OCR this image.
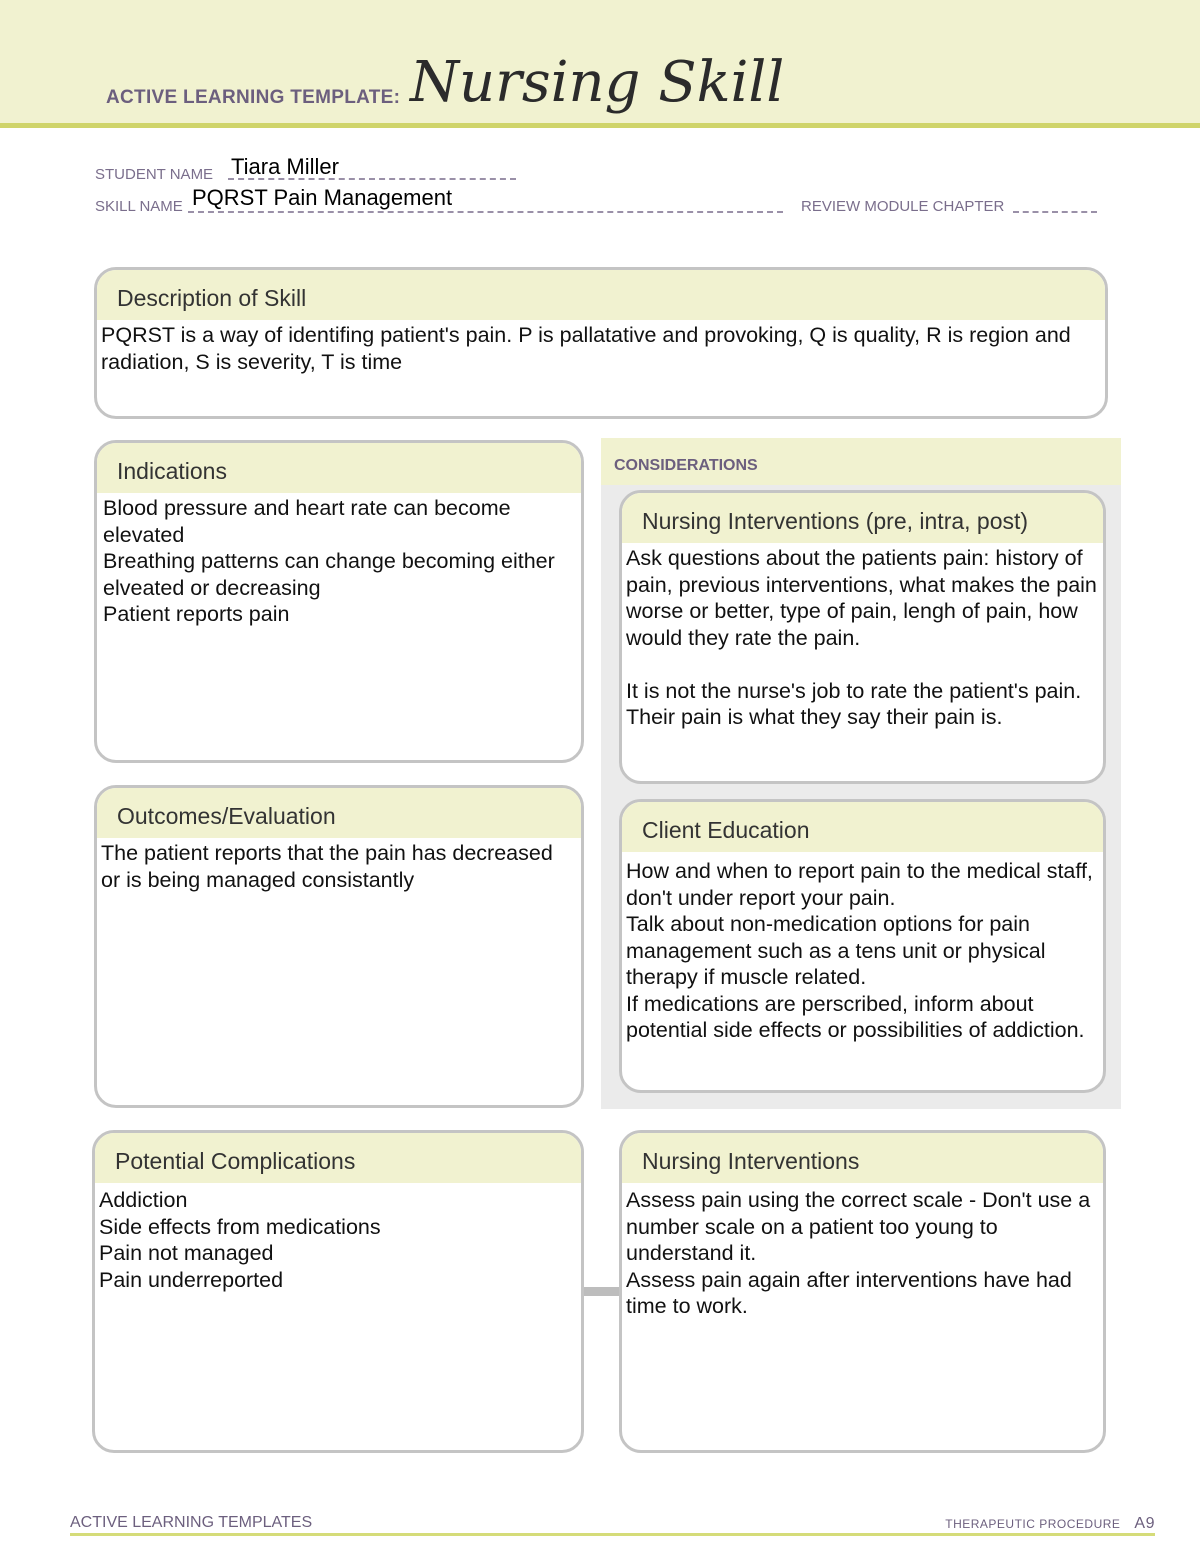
ACTIVE LEARNING TEMPLATE: Nursing Skill
STUDENT NAME Tiara Miller
SKILL NAME PQRST Pain Management	REVIEW MODULE CHAPTER
Description of Skill
PQRST is a way of identifing patient's pain. P is pallatative and provoking, Q is quality, R is region and radiation, S is severity, T is time
Indications
Blood pressure and heart rate can become elevated
Breathing patterns can change becoming either elveated or decreasing
Patient reports pain
Outcomes/Evaluation
The patient reports that the pain has decreased or is being managed consistantly
CONSIDERATIONS
Nursing Interventions (pre, intra, post)
Ask questions about the patients pain: history of pain, previous interventions, what makes the pain worse or better, type of pain, lengh of pain, how would they rate the pain.

It is not the nurse's job to rate the patient's pain. Their pain is what they say their pain is.
Client Education
How and when to report pain to the medical staff, don't under report your pain.
Talk about non-medication options for pain management such as a tens unit or physical therapy if muscle related.
If medications are perscribed, inform about potential side effects or possibilities of addiction.
Potential Complications
Addiction
Side effects from medications
Pain not managed
Pain underreported
Nursing Interventions
Assess pain using the correct scale - Don't use a number scale on a patient too young to understand it.
Assess pain again after interventions have had time to work.
ACTIVE LEARNING TEMPLATES	THERAPEUTIC PROCEDURE A9
